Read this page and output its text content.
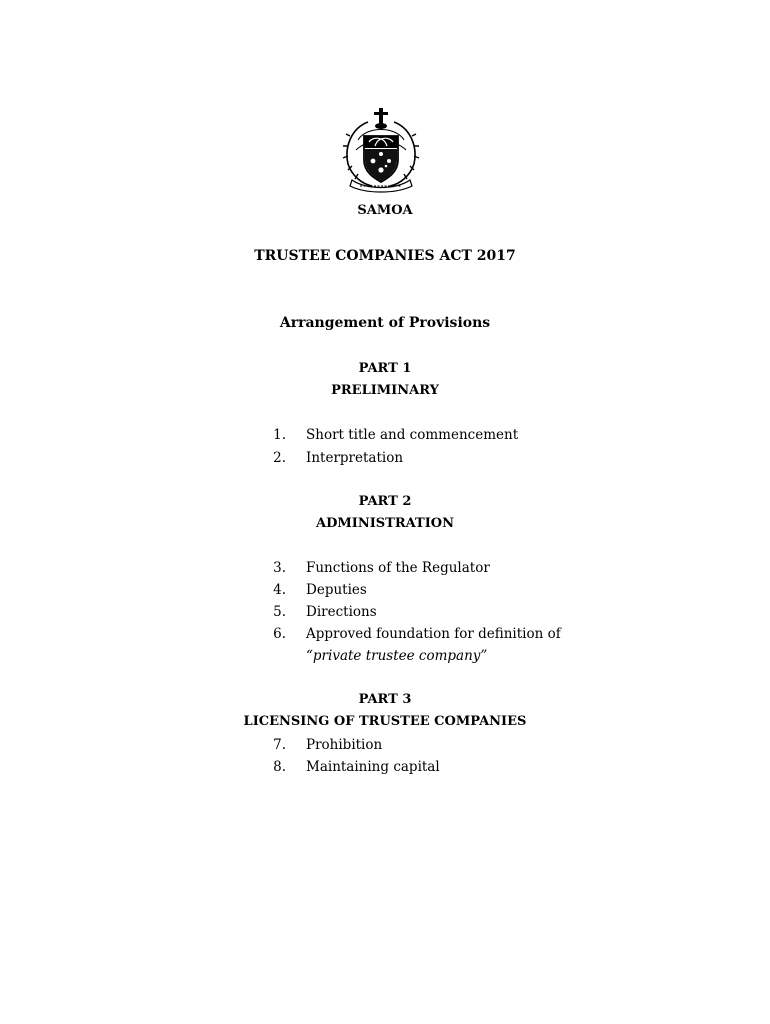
SAMOA
TRUSTEE COMPANIES ACT 2017
Arrangement of Provisions
PART 1
PRELIMINARY
1. Short title and commencement
2. Interpretation
PART 2
ADMINISTRATION
3. Functions of the Regulator
4. Deputies
5. Directions
6. Approved foundation for definition of
“private trustee company”
PART 3
LICENSING OF TRUSTEE COMPANIES
7. Prohibition
8. Maintaining capital
